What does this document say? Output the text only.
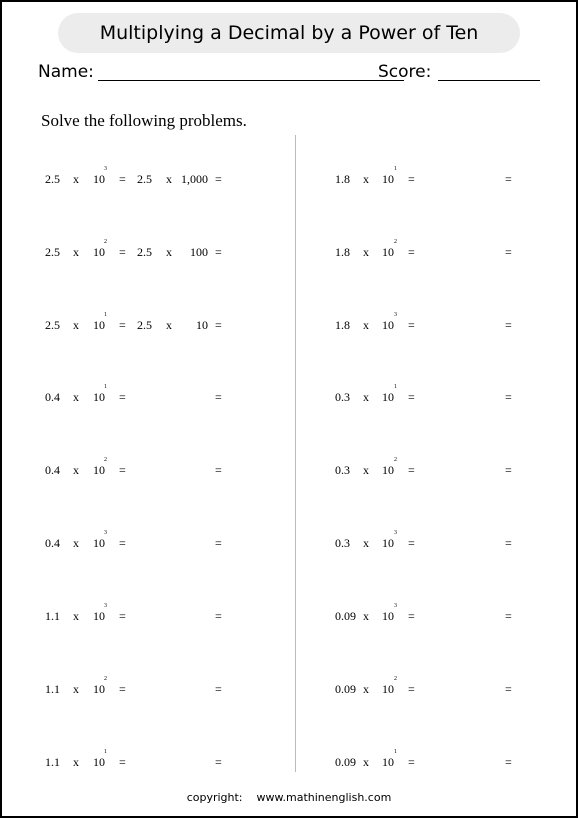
Multiplying a Decimal by a Power of Ten
Name:	Score:
Solve the following problems.
2.5 x 10
3
= 2.5 x 1,000 =
2.5 x 10
2
= 2.5 x 100 =
2.5 x 10
1
= 2.5 x 10 =
0.4 x 10
1
=	=
0.4 x 10
2
=	=
0.4 x 10
3
=	=
1.1 x 10
3
=	=
1.1 x 10
2
=	=
1.1 x 10
1
=	=
1.8 x 10
1
=	=
1.8 x 10
2
=	=
1.8 x 10
3
=	=
0.3 x 10
1
=	=
0.3 x 10
2
=	=
0.3 x 10
3
=	=
0.09 x 10
3
=	=
0.09 x 10
2
=	=
0.09 x 10
1
=	=
copyright: www.mathinenglish.com
